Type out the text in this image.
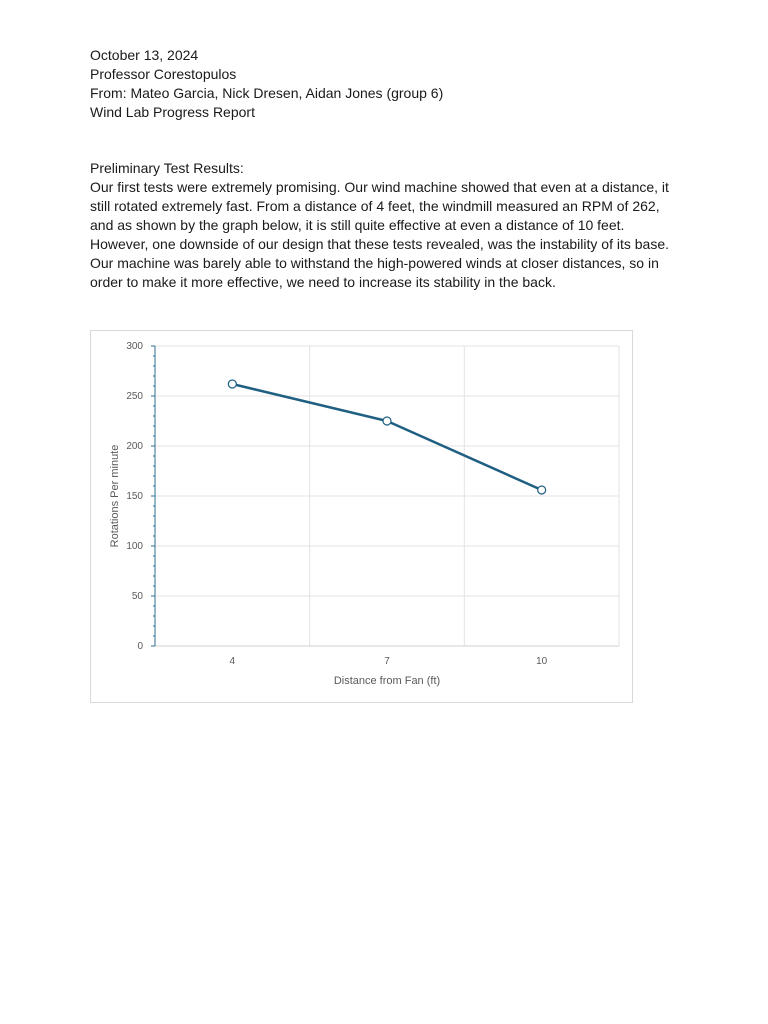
October 13, 2024
Professor Corestopulos
From: Mateo Garcia, Nick Dresen, Aidan Jones (group 6)
Wind Lab Progress Report
Preliminary Test Results:

Our first tests were extremely promising. Our wind machine showed that even at a distance, it still rotated extremely fast. From a distance of 4 feet, the windmill measured an RPM of 262, and as shown by the graph below, it is still quite effective at even a distance of 10 feet. However, one downside of our design that these tests revealed, was the instability of its base. Our machine was barely able to withstand the high-powered winds at closer distances, so in order to make it more effective, we need to increase its stability in the back.

0
50
100
150
200
250
300
4	7	10
Distance from Fan (ft)
Rotations Per minute
